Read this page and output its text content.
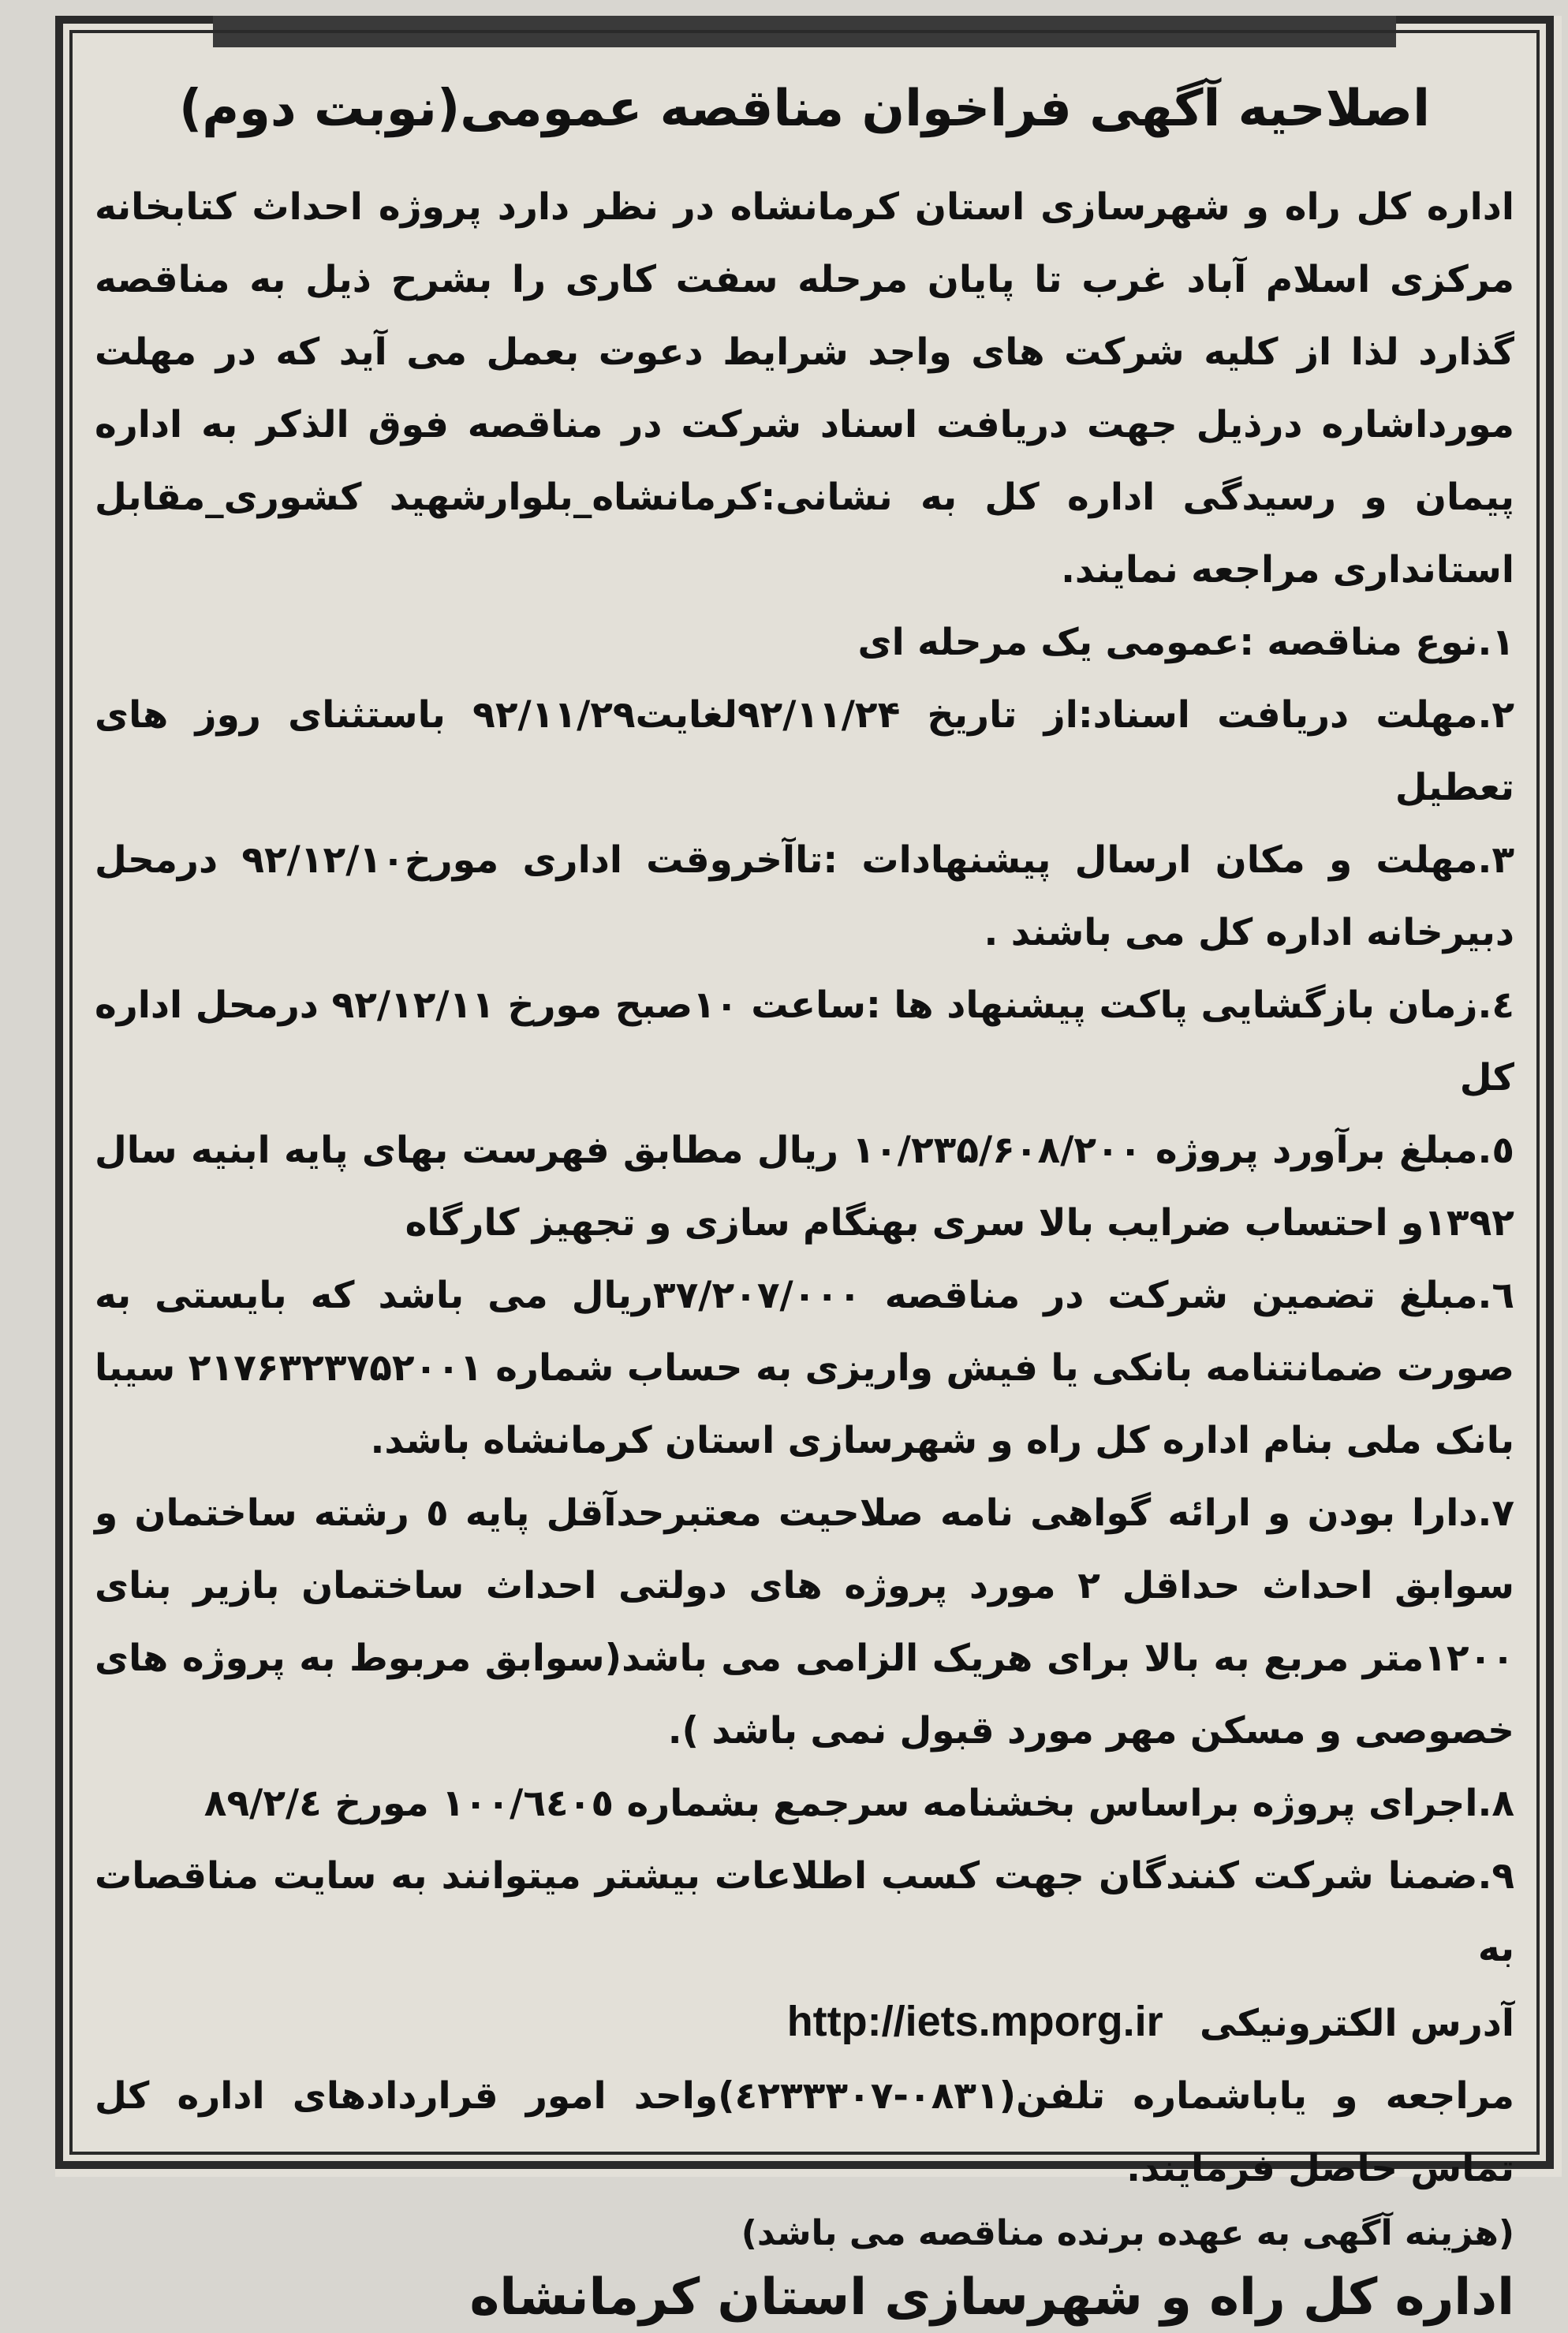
اصلاحیه آگهی فراخوان مناقصه عمومی(نوبت دوم)

اداره کل راه و شهرسازی استان کرمانشاه در نظر دارد پروژه احداث کتابخانه مرکزی اسلام آباد غرب تا پایان مرحله سفت کاری را بشرح ذیل به مناقصه گذارد لذا از کلیه شرکت های واجد شرایط دعوت بعمل می آید که در مهلت مورداشاره درذیل جهت دریافت اسناد شرکت در مناقصه فوق الذکر به اداره پیمان و رسیدگی اداره کل به نشانی:کرمانشاه_بلوارشهید کشوری_مقابل استانداری مراجعه نمایند.

۱.نوع مناقصه :عمومی یک مرحله ای

۲.مهلت دریافت اسناد:از تاریخ ۹۲/۱۱/۲۴لغایت۹۲/۱۱/۲۹ باستثنای روز های تعطیل

۳.مهلت و مکان ارسال پیشنهادات :تاآخروقت اداری مورخ۹۲/۱۲/۱۰ درمحل دبیرخانه اداره کل می باشند .

٤.زمان بازگشایی پاکت پیشنهاد ها :ساعت ۱۰صبح مورخ ۹۲/۱۲/۱۱ درمحل اداره کل

٥.مبلغ برآورد پروژه ۱۰/۲۳۵/۶۰۸/۲۰۰ ریال مطابق فهرست بهای پایه ابنیه سال ۱۳۹۲و احتساب ضرایب بالا سری بهنگام سازی و تجهیز کارگاه

٦.مبلغ تضمین شرکت در مناقصه ۳۷/۲۰۷/۰۰۰ریال می باشد که بایستی به صورت ضمانتنامه بانکی یا فیش واریزی به حساب شماره ۲۱۷۶۳۲۳۷۵۲۰۰۱ سیبا بانک ملی بنام اداره کل راه و شهرسازی استان کرمانشاه باشد.

۷.دارا بودن و ارائه گواهی نامه صلاحیت معتبرحدآقل پایه ٥ رشته ساختمان و سوابق احداث حداقل ۲ مورد پروژه های دولتی احداث ساختمان بازیر بنای ۱۲۰۰متر مربع به بالا برای هریک الزامی می باشد(سوابق مربوط به پروژه های خصوصی و مسکن مهر مورد قبول نمی باشد ).

۸.اجرای پروژه براساس بخشنامه سرجمع بشماره ۱۰۰/٦٤۰٥ مورخ ۸۹/۲/٤

۹.ضمنا شرکت کنندگان جهت کسب اطلاعات بیشتر میتوانند به سایت مناقصات به

آدرس الکترونیکی http://iets.mporg.ir

مراجعه و یاباشماره تلفن(۰۸۳۱-٤۲۳۳۳۰۷)واحد امور قراردادهای اداره کل تماس حاصل فرمایند.

(هزینه آگهی به عهده برنده مناقصه می باشد)

اداره کل راه و شهرسازی استان کرمانشاه
